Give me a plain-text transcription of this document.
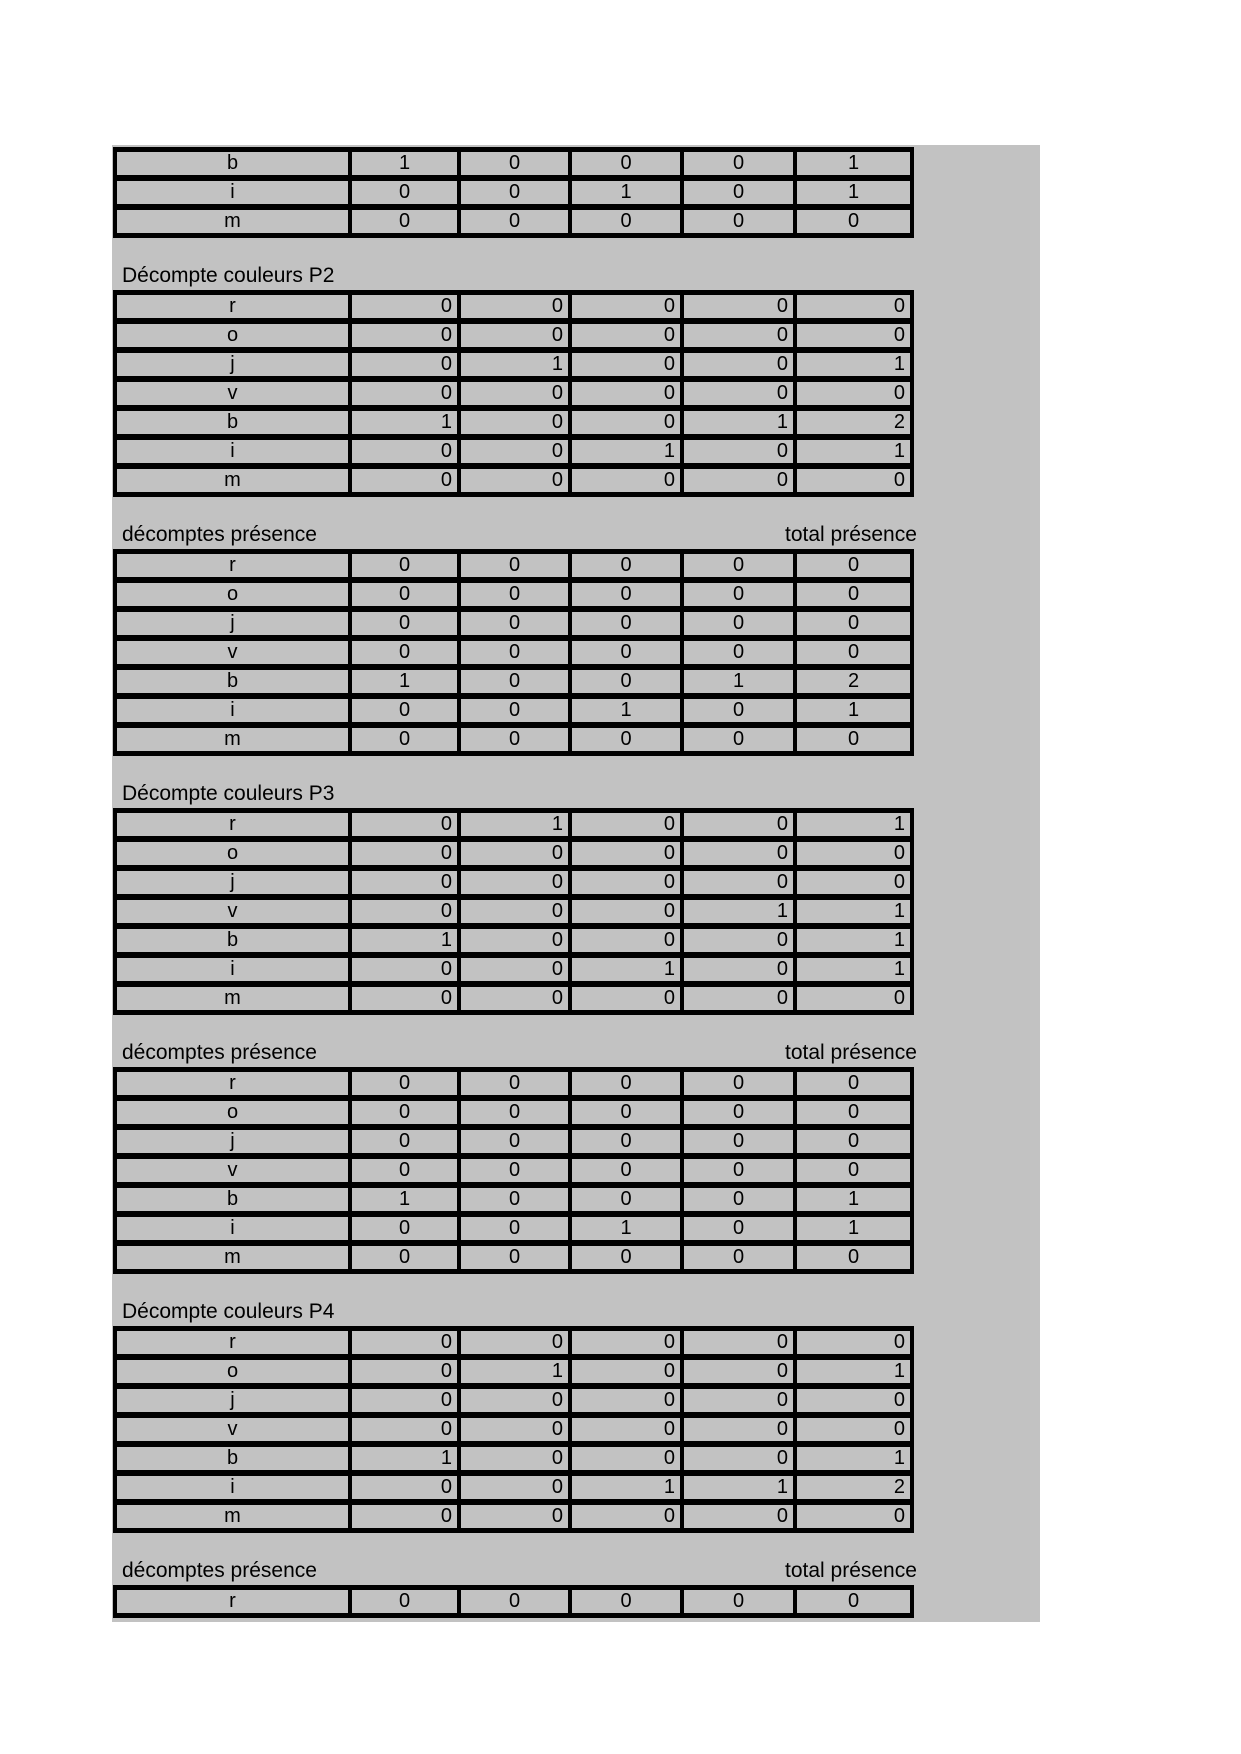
b	1	0	0	0	1
i	0	0	1	0	1
m	0	0	0	0	0
Décompte couleurs P2
r	0	0	0	0	0
o	0	0	0	0	0
j	0	1	0	0	1
v	0	0	0	0	0
b	1	0	0	1	2
i	0	0	1	0	1
m	0	0	0	0	0
décomptes présence	total présence
r	0	0	0	0	0
o	0	0	0	0	0
j	0	0	0	0	0
v	0	0	0	0	0
b	1	0	0	1	2
i	0	0	1	0	1
m	0	0	0	0	0
Décompte couleurs P3
r	0	1	0	0	1
o	0	0	0	0	0
j	0	0	0	0	0
v	0	0	0	1	1
b	1	0	0	0	1
i	0	0	1	0	1
m	0	0	0	0	0
décomptes présence	total présence
r	0	0	0	0	0
o	0	0	0	0	0
j	0	0	0	0	0
v	0	0	0	0	0
b	1	0	0	0	1
i	0	0	1	0	1
m	0	0	0	0	0
Décompte couleurs P4
r	0	0	0	0	0
o	0	1	0	0	1
j	0	0	0	0	0
v	0	0	0	0	0
b	1	0	0	0	1
i	0	0	1	1	2
m	0	0	0	0	0
décomptes présence	total présence
r	0	0	0	0	0
